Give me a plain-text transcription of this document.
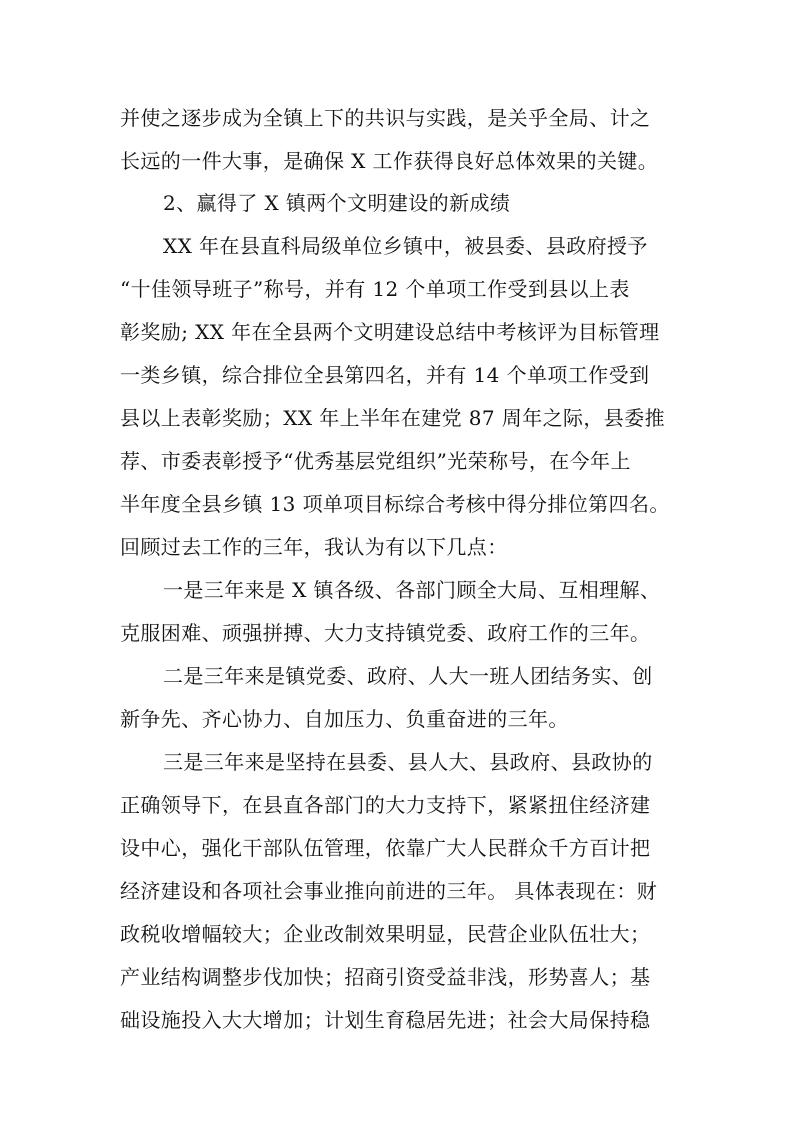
并使之逐步成为全镇上下的共识与实践，是关乎全局、计之
长远的一件大事，是确保 X 工作获得良好总体效果的关键。
2、赢得了 X 镇两个文明建设的新成绩
XX 年在县直科局级单位乡镇中，被县委、县政府授予
“十佳领导班子”称号，并有 12 个单项工作受到县以上表
彰奖励; XX 年在全县两个文明建设总结中考核评为目标管理
一类乡镇，综合排位全县第四名，并有 14 个单项工作受到
县以上表彰奖励；XX 年上半年在建党 87 周年之际，县委推
荐、市委表彰授予“优秀基层党组织”光荣称号，在今年上
半年度全县乡镇 13 项单项目标综合考核中得分排位第四名。
回顾过去工作的三年，我认为有以下几点：
一是三年来是 X 镇各级、各部门顾全大局、互相理解、
克服困难、顽强拼搏、大力支持镇党委、政府工作的三年。
二是三年来是镇党委、政府、人大一班人团结务实、创
新争先、齐心协力、自加压力、负重奋进的三年。
三是三年来是坚持在县委、县人大、县政府、县政协的
正确领导下，在县直各部门的大力支持下，紧紧扭住经济建
设中心，强化干部队伍管理，依靠广大人民群众千方百计把
经济建设和各项社会事业推向前进的三年。 具体表现在：财
政税收增幅较大；企业改制效果明显，民营企业队伍壮大；
产业结构调整步伐加快；招商引资受益非浅，形势喜人；基
础设施投入大大增加；计划生育稳居先进；社会大局保持稳
